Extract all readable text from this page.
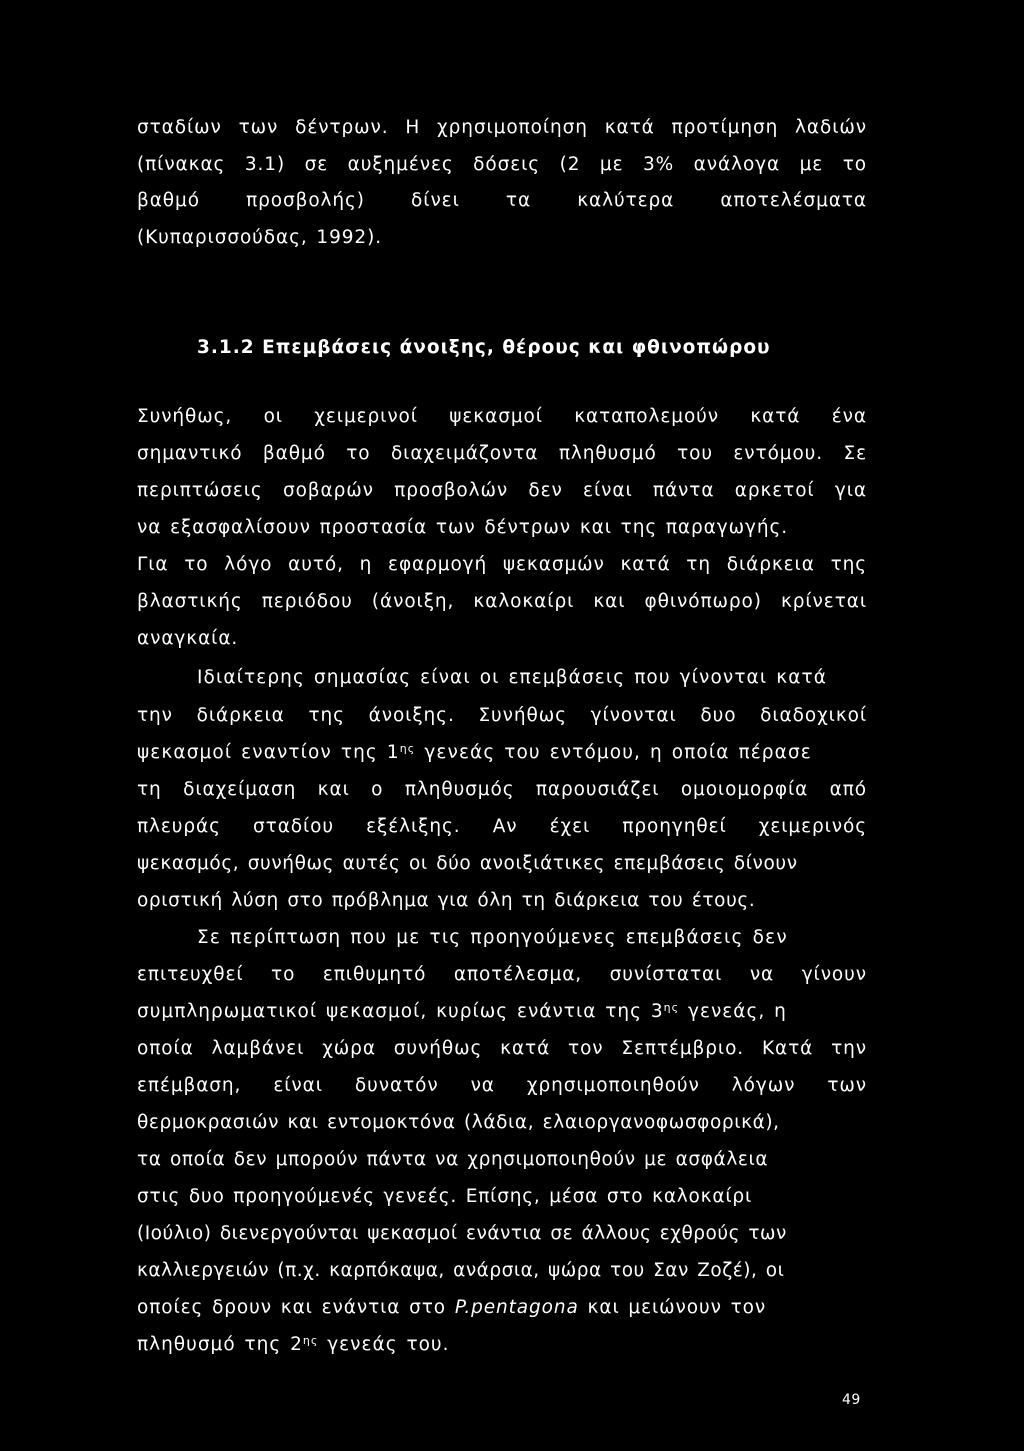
σταδίων των δέντρων. Η χρησιμοποίηση κατά προτίμηση λαδιών
(πίνακας 3.1) σε αυξημένες δόσεις (2 με 3% ανάλογα με το
βαθμό προσβολής) δίνει τα καλύτερα αποτελέσματα
(Κυπαρισσούδας, 1992).
3.1.2 Επεμβάσεις άνοιξης, θέρους και φθινοπώρου
Συνήθως, οι χειμερινοί ψεκασμοί καταπολεμούν κατά ένα
σημαντικό βαθμό το διαχειμάζοντα πληθυσμό του εντόμου. Σε
περιπτώσεις σοβαρών προσβολών δεν είναι πάντα αρκετοί για
να εξασφαλίσουν προστασία των δέντρων και της παραγωγής.
Για το λόγο αυτό, η εφαρμογή ψεκασμών κατά τη διάρκεια της
βλαστικής περιόδου (άνοιξη, καλοκαίρι και φθινόπωρο) κρίνεται
αναγκαία.
Ιδιαίτερης σημασίας είναι οι επεμβάσεις που γίνονται κατά
την διάρκεια της άνοιξης. Συνήθως γίνονται δυο διαδοχικοί
ψεκασμοί εναντίον της $1^{\eta\varsigma}$ γενεάς του εντόμου, η οποία πέρασε
τη διαχείμαση και ο πληθυσμός παρουσιάζει ομοιομορφία από
πλευράς σταδίου εξέλιξης. Αν έχει προηγηθεί χειμερινός
ψεκασμός, συνήθως αυτές οι δύο ανοιξιάτικες επεμβάσεις δίνουν
οριστική λύση στο πρόβλημα για όλη τη διάρκεια του έτους.
Σε περίπτωση που με τις προηγούμενες επεμβάσεις δεν
επιτευχθεί το επιθυμητό αποτέλεσμα, συνίσταται να γίνουν
συμπληρωματικοί ψεκασμοί, κυρίως ενάντια της $3^{\eta\varsigma}$ γενεάς, η
οποία λαμβάνει χώρα συνήθως κατά τον Σεπτέμβριο. Κατά την
επέμβαση, είναι δυνατόν να χρησιμοποιηθούν λόγων των
θερμοκρασιών και εντομοκτόνα (λάδια, ελαιοργανοφωσφορικά),
τα οποία δεν μπορούν πάντα να χρησιμοποιηθούν με ασφάλεια
στις δυο προηγούμενές γενεές. Επίσης, μέσα στο καλοκαίρι
(Ιούλιο) διενεργούνται ψεκασμοί ενάντια σε άλλους εχθρούς των
καλλιεργειών (π.χ. καρπόκαψα, ανάρσια, ψώρα του Σαν Ζοζέ), οι
οποίες δρουν και ενάντια στο P.pentagona και μειώνουν τον
πληθυσμό της $2^{\eta\varsigma}$ γενεάς του.
49
